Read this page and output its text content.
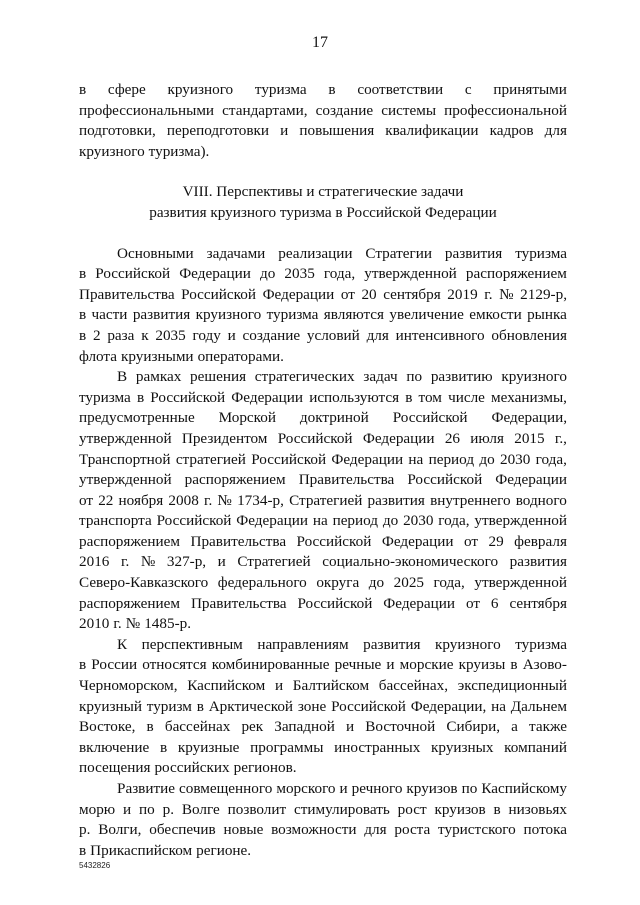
17
в сфере круизного туризма в соответствии с принятыми
профессиональными стандартами, создание системы профессиональной
подготовки, переподготовки и повышения квалификации кадров для
круизного туризма).
VIII. Перспективы и стратегические задачи
развития круизного туризма в Российской Федерации
Основными задачами реализации Стратегии развития туризма
в Российской Федерации до 2035 года, утвержденной распоряжением
Правительства Российской Федерации от 20 сентября 2019 г. № 2129-р,
в части развития круизного туризма являются увеличение емкости рынка
в 2 раза к 2035 году и создание условий для интенсивного обновления
флота круизными операторами.
В рамках решения стратегических задач по развитию круизного
туризма в Российской Федерации используются в том числе механизмы,
предусмотренные Морской доктриной Российской Федерации,
утвержденной Президентом Российской Федерации 26 июля 2015 г.,
Транспортной стратегией Российской Федерации на период до 2030 года,
утвержденной распоряжением Правительства Российской Федерации
от 22 ноября 2008 г. № 1734-р, Стратегией развития внутреннего водного
транспорта Российской Федерации на период до 2030 года, утвержденной
распоряжением Правительства Российской Федерации от 29 февраля
2016 г. № 327-р, и Стратегией социально-экономического развития
Северо-Кавказского федерального округа до 2025 года, утвержденной
распоряжением Правительства Российской Федерации от 6 сентября
2010 г. № 1485-р.
К перспективным направлениям развития круизного туризма
в России относятся комбинированные речные и морские круизы в Азово-
Черноморском, Каспийском и Балтийском бассейнах, экспедиционный
круизный туризм в Арктической зоне Российской Федерации, на Дальнем
Востоке, в бассейнах рек Западной и Восточной Сибири, а также
включение в круизные программы иностранных круизных компаний
посещения российских регионов.
Развитие совмещенного морского и речного круизов по Каспийскому
морю и по р. Волге позволит стимулировать рост круизов в низовьях
р. Волги, обеспечив новые возможности для роста туристского потока
в Прикаспийском регионе.
5432826
